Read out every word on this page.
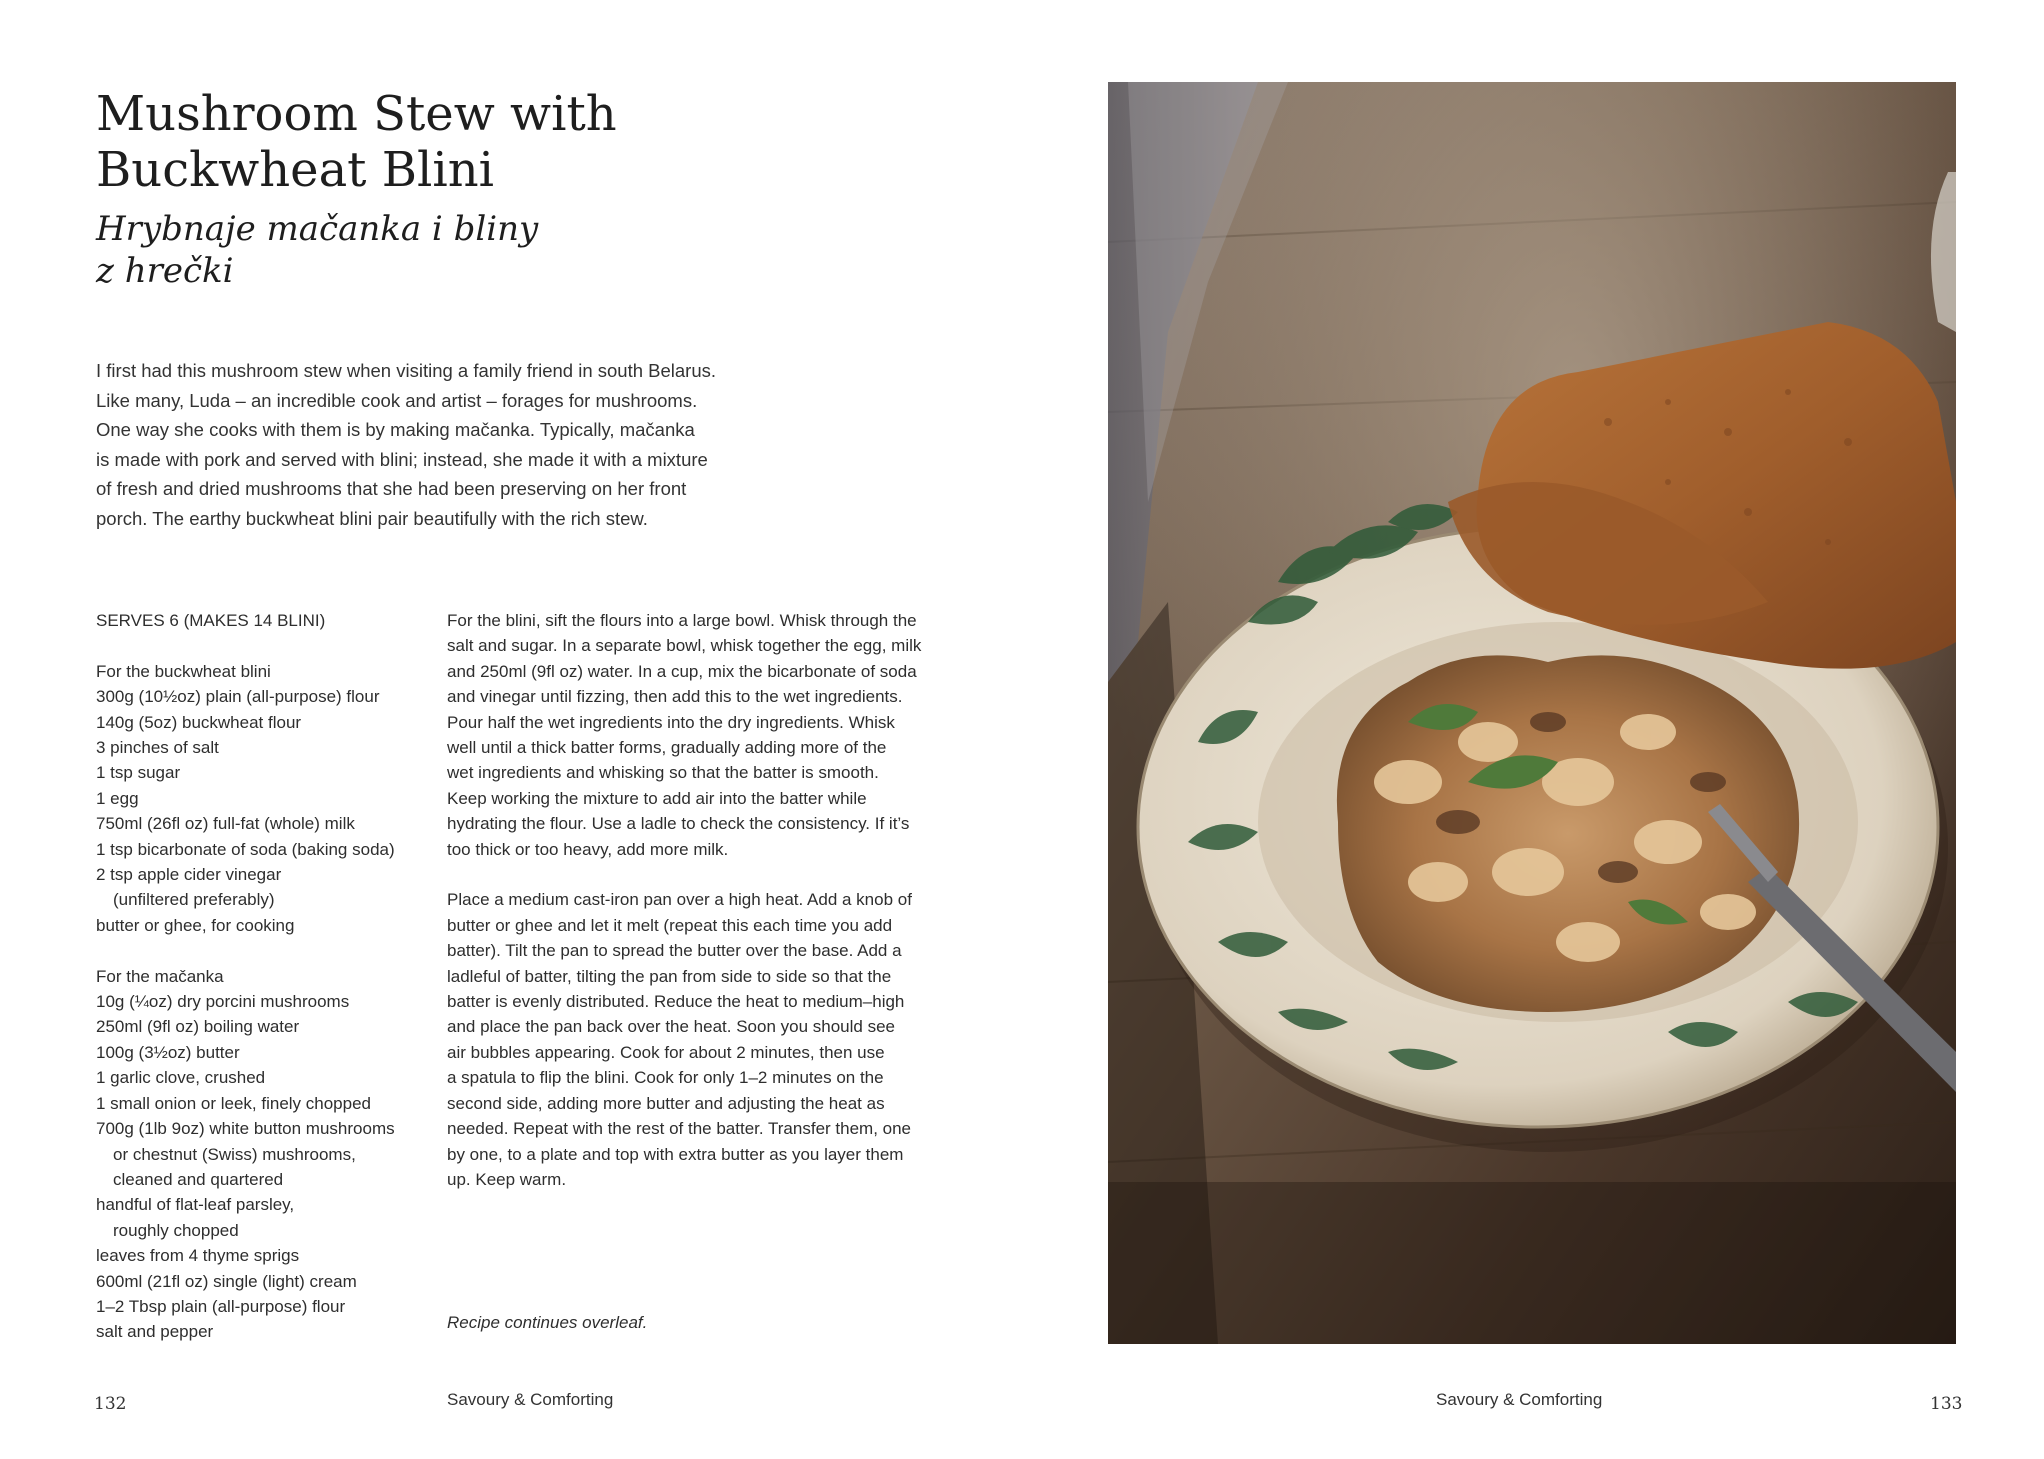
Mushroom Stew with
Buckwheat Blini
Hrybnaje mačanka i bliny
z hrečki
I first had this mushroom stew when visiting a family friend in south Belarus.
Like many, Luda – an incredible cook and artist – forages for mushrooms.
One way she cooks with them is by making mačanka. Typically, mačanka
is made with pork and served with blini; instead, she made it with a mixture
of fresh and dried mushrooms that she had been preserving on her front
porch. The earthy buckwheat blini pair beautifully with the rich stew.
SERVES 6 (MAKES 14 BLINI)
For the buckwheat blini
300g (10½oz) plain (all-purpose) flour
140g (5oz) buckwheat flour
3 pinches of salt
1 tsp sugar
1 egg
750ml (26fl oz) full-fat (whole) milk
1 tsp bicarbonate of soda (baking soda)
2 tsp apple cider vinegar
(unfiltered preferably)
butter or ghee, for cooking
For the mačanka
10g (¼oz) dry porcini mushrooms
250ml (9fl oz) boiling water
100g (3½oz) butter
1 garlic clove, crushed
1 small onion or leek, finely chopped
700g (1lb 9oz) white button mushrooms
or chestnut (Swiss) mushrooms,
cleaned and quartered
handful of flat-leaf parsley,
roughly chopped
leaves from 4 thyme sprigs
600ml (21fl oz) single (light) cream
1–2 Tbsp plain (all-purpose) flour
salt and pepper
For the blini, sift the flours into a large bowl. Whisk through the
salt and sugar. In a separate bowl, whisk together the egg, milk
and 250ml (9fl oz) water. In a cup, mix the bicarbonate of soda
and vinegar until fizzing, then add this to the wet ingredients.
Pour half the wet ingredients into the dry ingredients. Whisk
well until a thick batter forms, gradually adding more of the
wet ingredients and whisking so that the batter is smooth.
Keep working the mixture to add air into the batter while
hydrating the flour. Use a ladle to check the consistency. If it’s
too thick or too heavy, add more milk.
Place a medium cast-iron pan over a high heat. Add a knob of
butter or ghee and let it melt (repeat this each time you add
batter). Tilt the pan to spread the butter over the base. Add a
ladleful of batter, tilting the pan from side to side so that the
batter is evenly distributed. Reduce the heat to medium–high
and place the pan back over the heat. Soon you should see
air bubbles appearing. Cook for about 2 minutes, then use
a spatula to flip the blini. Cook for only 1–2 minutes on the
second side, adding more butter and adjusting the heat as
needed. Repeat with the rest of the batter. Transfer them, one
by one, to a plate and top with extra butter as you layer them
up. Keep warm.
Recipe continues overleaf.
132	Savoury & Comforting	Savoury & Comforting	133
